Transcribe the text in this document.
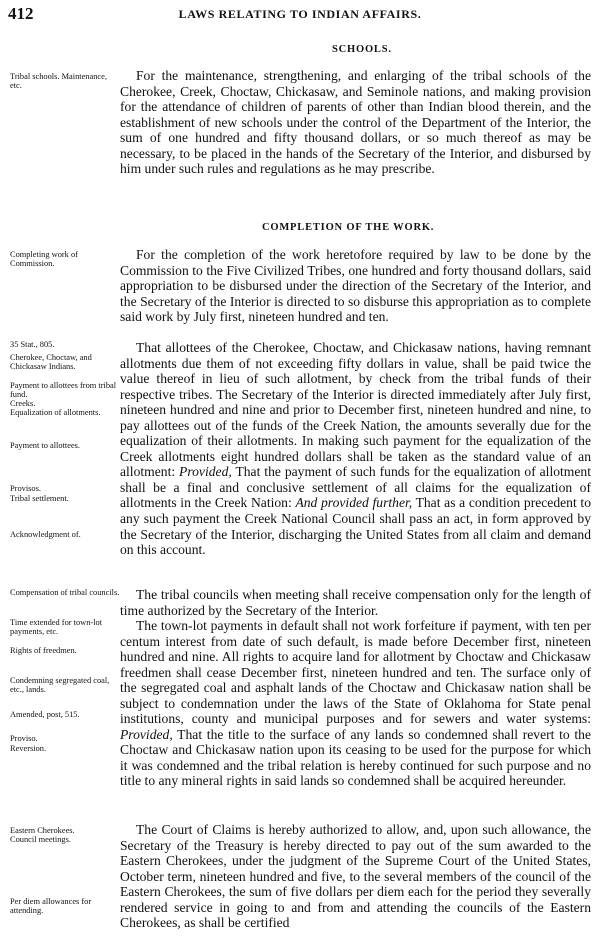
412	LAWS RELATING TO INDIAN AFFAIRS.
SCHOOLS.
Tribal schools. Maintenance, etc.
For the maintenance, strengthening, and enlarging of the tribal schools of the Cherokee, Creek, Choctaw, Chickasaw, and Seminole nations, and making provision for the attendance of children of parents of other than Indian blood therein, and the establishment of new schools under the control of the Department of the Interior, the sum of one hundred and fifty thousand dollars, or so much thereof as may be necessary, to be placed in the hands of the Secretary of the Interior, and disbursed by him under such rules and regulations as he may prescribe.
COMPLETION OF THE WORK.
Completing work of Commission.
For the completion of the work heretofore required by law to be done by the Commission to the Five Civilized Tribes, one hundred and forty thousand dollars, said appropriation to be disbursed under the direction of the Secretary of the Interior, and the Secretary of the Interior is directed to so disburse this appropriation as to complete said work by July first, nineteen hundred and ten.
35 Stat., 805.
Cherokee, Choctaw, and Chickasaw Indians.
Payment to allottees from tribal fund.
Creeks.
Equalization of allotments.
Payment to allottees.
Provisos.
Tribal settlement.
Acknowledgment of.
That allottees of the Cherokee, Choctaw, and Chickasaw nations, having remnant allotments due them of not exceeding fifty dollars in value, shall be paid twice the value thereof in lieu of such allotment, by check from the tribal funds of their respective tribes. The Secretary of the Interior is directed immediately after July first, nineteen hundred and nine and prior to December first, nineteen hundred and nine, to pay allottees out of the funds of the Creek Nation, the amounts severally due for the equalization of their allotments. In making such payment for the equalization of the Creek allotments eight hundred dollars shall be taken as the standard value of an allotment: Provided, That the payment of such funds for the equalization of allotment shall be a final and conclusive settlement of all claims for the equalization of allotments in the Creek Nation: And provided further, That as a condition precedent to any such payment the Creek National Council shall pass an act, in form approved by the Secretary of the Interior, discharging the United States from all claim and demand on this account.
Compensation of tribal councils.	The tribal councils when meeting shall receive compensation only for the length of time authorized by the Secretary of the Interior.
Time extended for town-lot payments, etc.
Rights of freedmen.
Condemning segregated coal, etc., lands.
Amended, post, 515.
Proviso.
Reversion.
The town-lot payments in default shall not work forfeiture if payment, with ten per centum interest from date of such default, is made before December first, nineteen hundred and nine. All rights to acquire land for allotment by Choctaw and Chickasaw freedmen shall cease December first, nineteen hundred and ten. The surface only of the segregated coal and asphalt lands of the Choctaw and Chickasaw nation shall be subject to condemnation under the laws of the State of Oklahoma for State penal institutions, county and municipal purposes and for sewers and water systems: Provided, That the title to the surface of any lands so condemned shall revert to the Choctaw and Chickasaw nation upon its ceasing to be used for the purpose for which it was condemned and the tribal relation is hereby continued for such purpose and no title to any mineral rights in said lands so condemned shall be acquired hereunder.
Eastern Cherokees.
Council meetings.
Per diem allowances for attending.
The Court of Claims is hereby authorized to allow, and, upon such allowance, the Secretary of the Treasury is hereby directed to pay out of the sum awarded to the Eastern Cherokees, under the judgment of the Supreme Court of the United States, October term, nineteen hundred and five, to the several members of the council of the Eastern Cherokees, the sum of five dollars per diem each for the period they severally rendered service in going to and from and attending the councils of the Eastern Cherokees, as shall be certified
